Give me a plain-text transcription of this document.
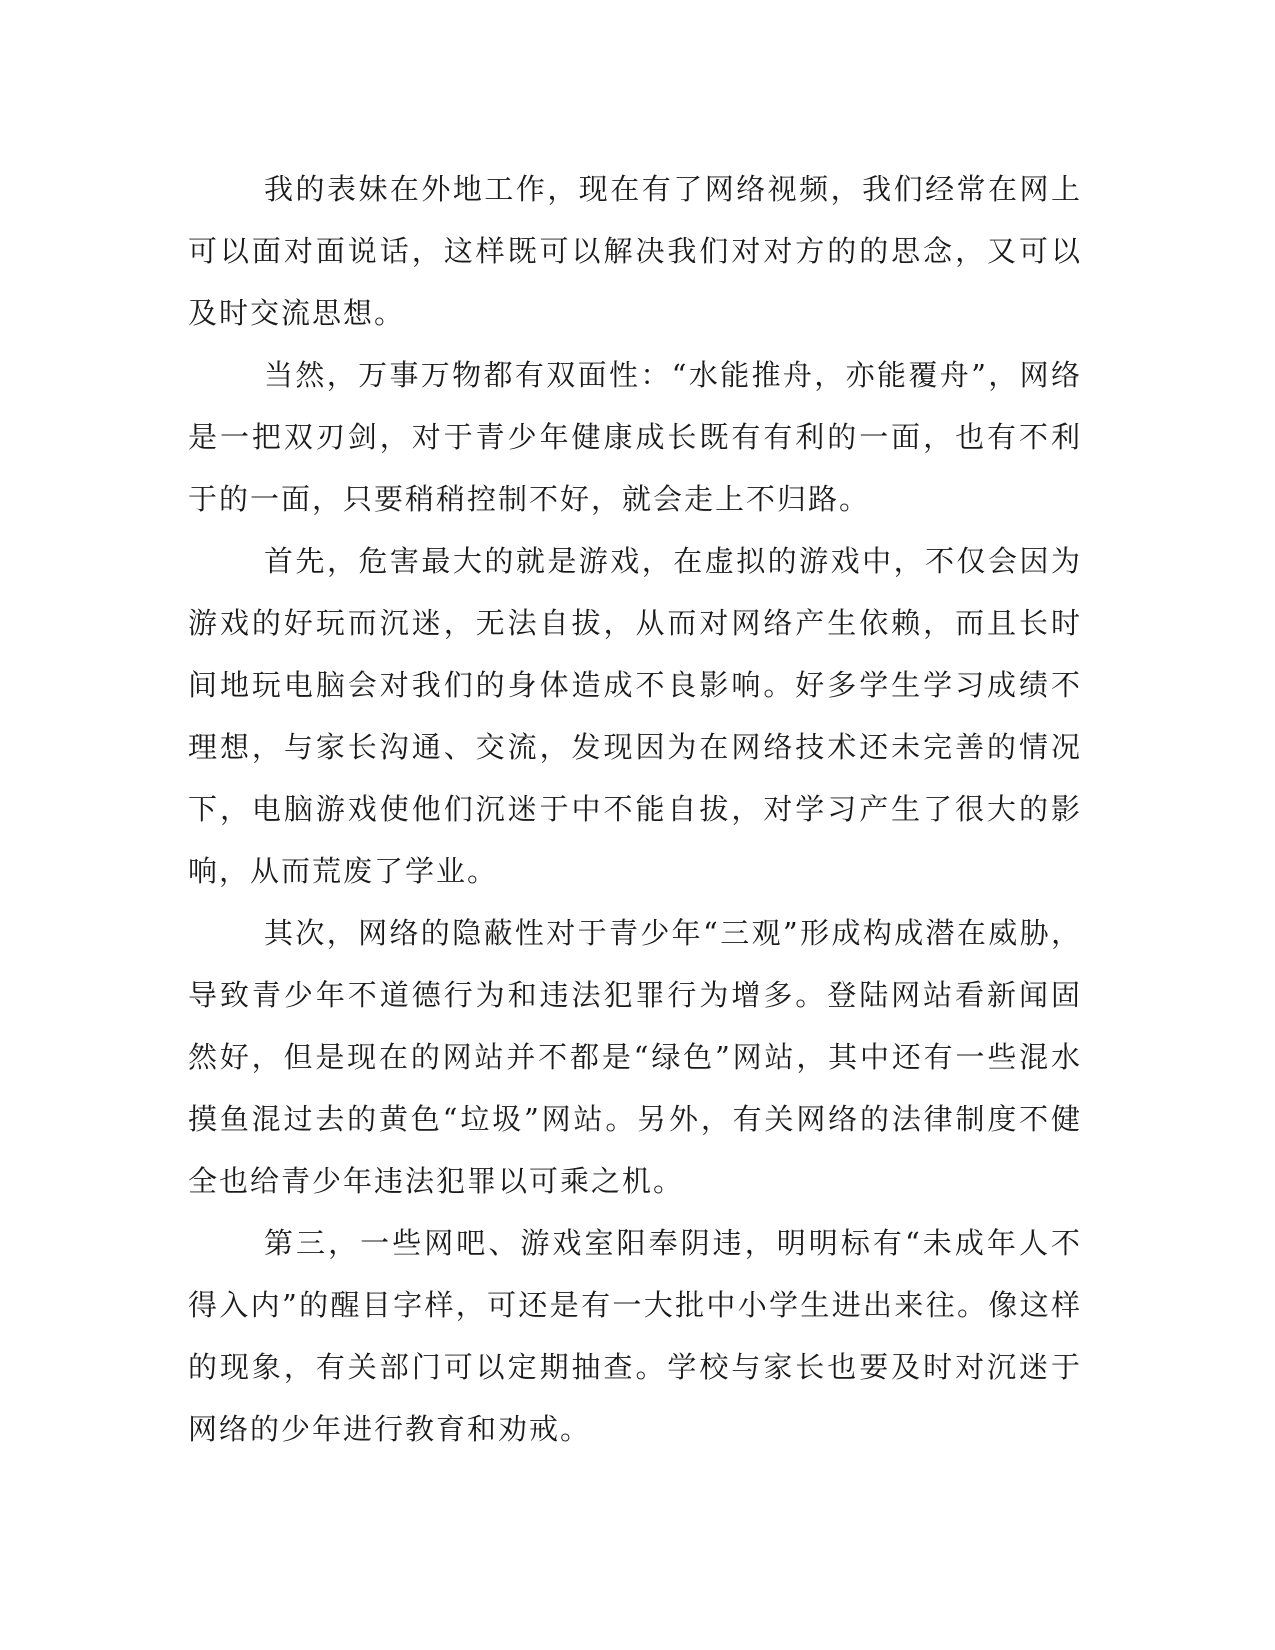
我的表妹在外地工作，现在有了网络视频，我们经常在网上可以面对面说话，这样既可以解决我们对对方的的思念，又可以及时交流思想。

当然，万事万物都有双面性：“水能推舟，亦能覆舟”，网络是一把双刃剑，对于青少年健康成长既有有利的一面，也有不利于的一面，只要稍稍控制不好，就会走上不归路。

首先，危害最大的就是游戏，在虚拟的游戏中，不仅会因为游戏的好玩而沉迷，无法自拔，从而对网络产生依赖，而且长时间地玩电脑会对我们的身体造成不良影响。好多学生学习成绩不理想，与家长沟通、交流，发现因为在网络技术还未完善的情况下，电脑游戏使他们沉迷于中不能自拔，对学习产生了很大的影响，从而荒废了学业。

其次，网络的隐蔽性对于青少年“三观”形成构成潜在威胁，导致青少年不道德行为和违法犯罪行为增多。登陆网站看新闻固然好，但是现在的网站并不都是“绿色”网站，其中还有一些混水摸鱼混过去的黄色“垃圾”网站。另外，有关网络的法律制度不健全也给青少年违法犯罪以可乘之机。

第三，一些网吧、游戏室阳奉阴违，明明标有“未成年人不得入内”的醒目字样，可还是有一大批中小学生进出来往。像这样的现象，有关部门可以定期抽查。学校与家长也要及时对沉迷于网络的少年进行教育和劝戒。
